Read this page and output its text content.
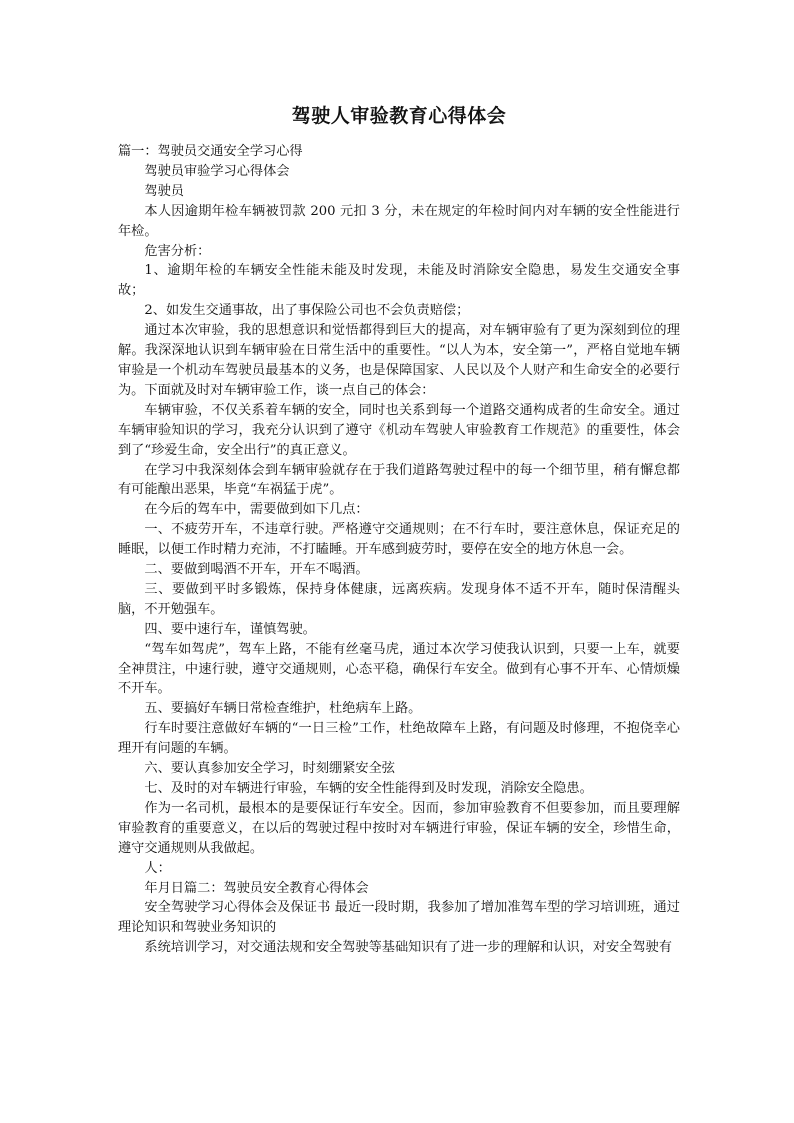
驾驶人审验教育心得体会

篇一：驾驶员交通安全学习心得

驾驶员审验学习心得体会

驾驶员

本人因逾期年检车辆被罚款 200 元扣 3 分，未在规定的年检时间内对车辆的安全性能进行年检。

危害分析：

1、逾期年检的车辆安全性能未能及时发现，未能及时消除安全隐患，易发生交通安全事故；

2、如发生交通事故，出了事保险公司也不会负责赔偿；

通过本次审验，我的思想意识和觉悟都得到巨大的提高，对车辆审验有了更为深刻到位的理解。我深深地认识到车辆审验在日常生活中的重要性。“以人为本，安全第一”，严格自觉地车辆审验是一个机动车驾驶员最基本的义务，也是保障国家、人民以及个人财产和生命安全的必要行为。下面就及时对车辆审验工作，谈一点自己的体会：

车辆审验，不仅关系着车辆的安全，同时也关系到每一个道路交通构成者的生命安全。通过车辆审验知识的学习，我充分认识到了遵守《机动车驾驶人审验教育工作规范》的重要性，体会到了“珍爱生命，安全出行”的真正意义。

在学习中我深刻体会到车辆审验就存在于我们道路驾驶过程中的每一个细节里，稍有懈怠都有可能酿出恶果，毕竟“车祸猛于虎”。

在今后的驾车中，需要做到如下几点：

一、不疲劳开车，不违章行驶。严格遵守交通规则；在不行车时，要注意休息，保证充足的睡眠，以便工作时精力充沛，不打瞌睡。开车感到疲劳时，要停在安全的地方休息一会。

二、要做到喝酒不开车，开车不喝酒。

三、要做到平时多锻炼，保持身体健康，远离疾病。发现身体不适不开车，随时保清醒头脑，不开勉强车。

四、要中速行车，谨慎驾驶。

“驾车如驾虎”，驾车上路，不能有丝毫马虎，通过本次学习使我认识到，只要一上车，就要全神贯注，中速行驶，遵守交通规则，心态平稳，确保行车安全。做到有心事不开车、心情烦燥不开车。

五、要搞好车辆日常检查维护，杜绝病车上路。

行车时要注意做好车辆的“一日三检”工作，杜绝故障车上路，有问题及时修理，不抱侥幸心理开有问题的车辆。

六、要认真参加安全学习，时刻绷紧安全弦

七、及时的对车辆进行审验，车辆的安全性能得到及时发现，消除安全隐患。

作为一名司机，最根本的是要保证行车安全。因而，参加审验教育不但要参加，而且要理解审验教育的重要意义，在以后的驾驶过程中按时对车辆进行审验，保证车辆的安全，珍惜生命，遵守交通规则从我做起。

人：

年月日篇二：驾驶员安全教育心得体会

安全驾驶学习心得体会及保证书 最近一段时期，我参加了增加准驾车型的学习培训班，通过理论知识和驾驶业务知识的

系统培训学习，对交通法规和安全驾驶等基础知识有了进一步的理解和认识，对安全驾驶有
